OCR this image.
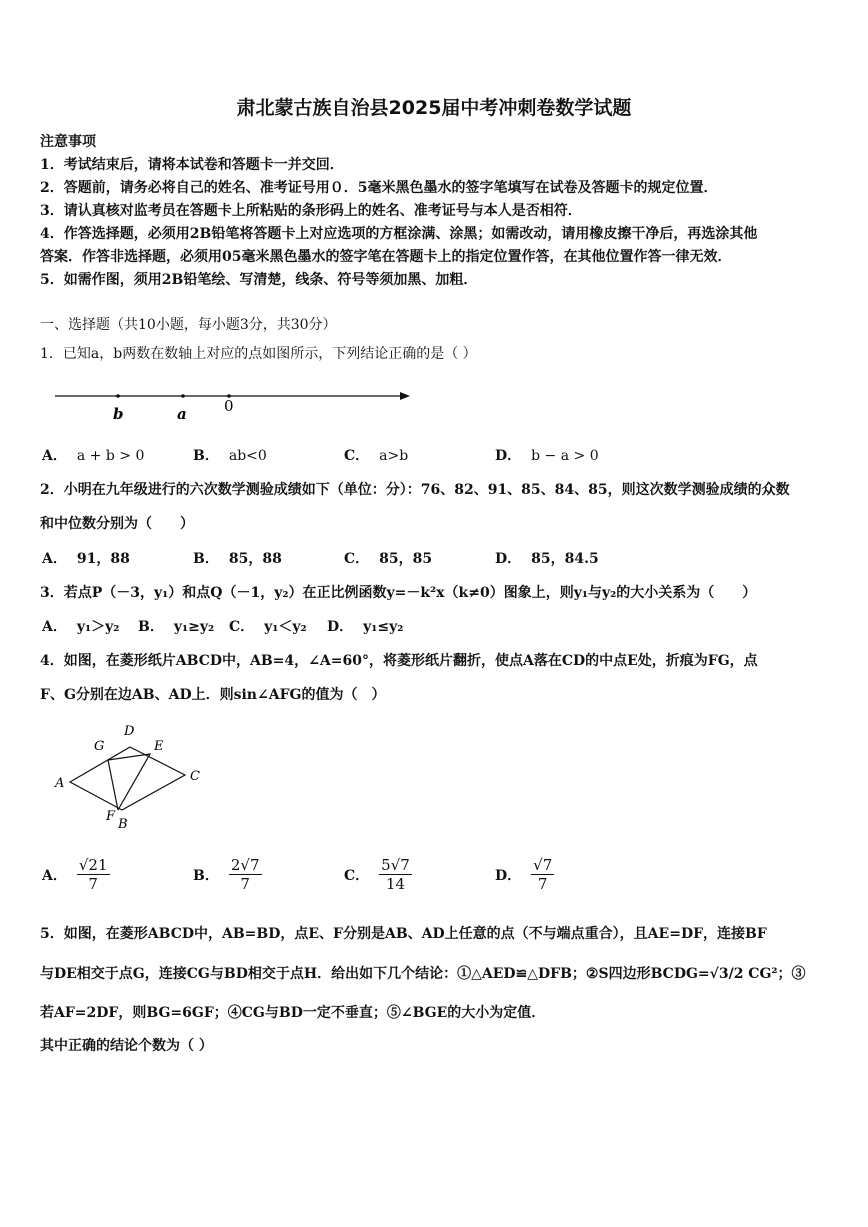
肃北蒙古族自治县2025届中考冲刺卷数学试题
注意事项
1．考试结束后，请将本试卷和答题卡一并交回．
2．答题前，请务必将自己的姓名、准考证号用０．5毫米黑色墨水的签字笔填写在试卷及答题卡的规定位置．
3．请认真核对监考员在答题卡上所粘贴的条形码上的姓名、准考证号与本人是否相符．
4．作答选择题，必须用2B铅笔将答题卡上对应选项的方框涂满、涂黑；如需改动，请用橡皮擦干净后，再选涂其他
答案．作答非选择题，必须用05毫米黑色墨水的签字笔在答题卡上的指定位置作答，在其他位置作答一律无效．
5．如需作图，须用2B铅笔绘、写清楚，线条、符号等须加黑、加粗．
一、选择题（共10小题，每小题3分，共30分）
1．已知a，b两数在数轴上对应的点如图所示，下列结论正确的是（ ）
b	a 0
A． a + b > 0	B． ab<0	C． a>b	D． b − a > 0
2．小明在九年级进行的六次数学测验成绩如下（单位：分）：76、82、91、85、84、85，则这次数学测验成绩的众数
和中位数分别为（　　）
A． 91，88	B． 85，88	C． 85，85	D． 85，84.5
3．若点P（－3，y₁）和点Q（－1，y₂）在正比例函数y=－k²x（k≠0）图象上，则y₁与y₂的大小关系为（　　）
A． y₁＞y₂ B． y₁≥y₂ C． y₁＜y₂ D． y₁≤y₂
4．如图，在菱形纸片ABCD中，AB=4，∠A=60°，将菱形纸片翻折，使点A落在CD的中点E处，折痕为FG，点
F、G分别在边AB、AD上．则sin∠AFG的值为（　）
A
B
C
D
E
F
G
A． $\frac{√21}{7}$	B． $\frac{2√7}{7}$	C． $\frac{5√7}{14}$	D． $\frac{√7}{7}$
5．如图，在菱形ABCD中，AB=BD，点E、F分别是AB、AD上任意的点（不与端点重合），且AE=DF，连接BF
与DE相交于点G，连接CG与BD相交于点H．给出如下几个结论：①△AED≌△DFB；②S四边形BCDG=√3/2 CG²；③
若AF=2DF，则BG=6GF；④CG与BD一定不垂直；⑤∠BGE的大小为定值．
其中正确的结论个数为（ ）
